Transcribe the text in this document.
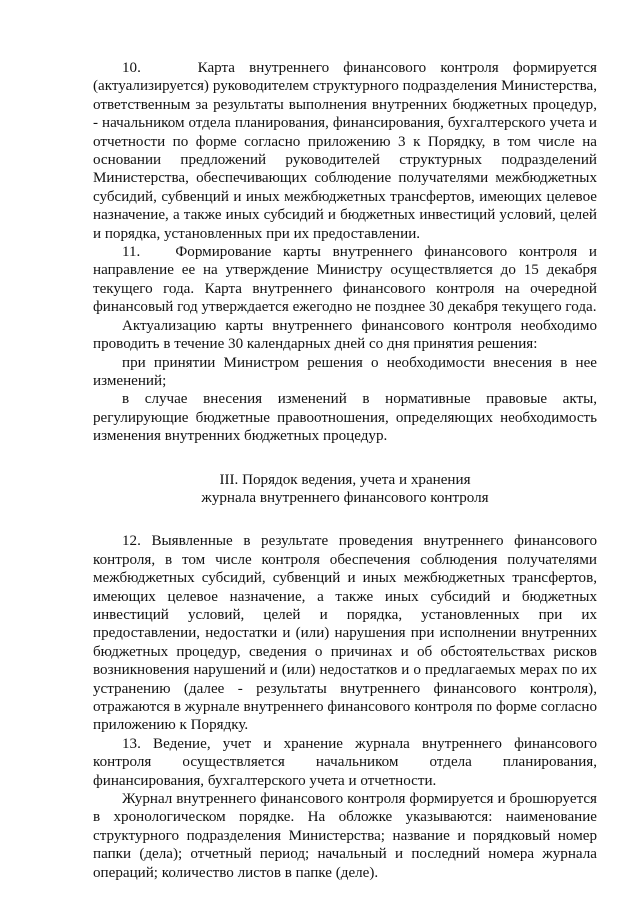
10.    Карта внутреннего финансового контроля формируется (актуализируется) руководителем структурного подразделения Министерства, ответственным за результаты выполнения внутренних бюджетных процедур, - начальником отдела планирования, финансирования, бухгалтерского учета и отчетности по форме согласно приложению 3 к Порядку, в том числе на основании предложений руководителей структурных подразделений Министерства, обеспечивающих соблюдение получателями межбюджетных субсидий, субвенций и иных межбюджетных трансфертов, имеющих целевое назначение, а также иных субсидий и бюджетных инвестиций условий, целей и порядка, установленных при их предоставлении.

11.   Формирование карты внутреннего финансового контроля и направление ее на утверждение Министру осуществляется до 15 декабря текущего года. Карта внутреннего финансового контроля на очередной финансовый год утверждается ежегодно не позднее 30 декабря текущего года.

Актуализацию карты внутреннего финансового контроля необходимо проводить в течение 30 календарных дней со дня принятия решения:

при принятии Министром решения о необходимости внесения в нее изменений;

в случае внесения изменений в нормативные правовые акты, регулирующие бюджетные правоотношения, определяющих необходимость изменения внутренних бюджетных процедур.

III. Порядок ведения, учета и хранения
журнала внутреннего финансового контроля

12. Выявленные в результате проведения внутреннего финансового контроля, в том числе контроля обеспечения соблюдения получателями межбюджетных субсидий, субвенций и иных межбюджетных трансфертов, имеющих целевое назначение, а также иных субсидий и бюджетных инвестиций условий, целей и порядка, установленных при их предоставлении, недостатки и (или) нарушения при исполнении внутренних бюджетных процедур, сведения о причинах и об обстоятельствах рисков возникновения нарушений и (или) недостатков и о предлагаемых мерах по их устранению (далее - результаты внутреннего финансового контроля), отражаются в журнале внутреннего финансового контроля по форме согласно приложению к Порядку.

13. Ведение, учет и хранение журнала внутреннего финансового контроля осуществляется начальником отдела планирования, финансирования, бухгалтерского учета и отчетности.

Журнал внутреннего финансового контроля формируется и брошюруется в хронологическом порядке. На обложке указываются: наименование структурного подразделения Министерства; название и порядковый номер папки (дела); отчетный период; начальный и последний номера журнала операций; количество листов в папке (деле).
